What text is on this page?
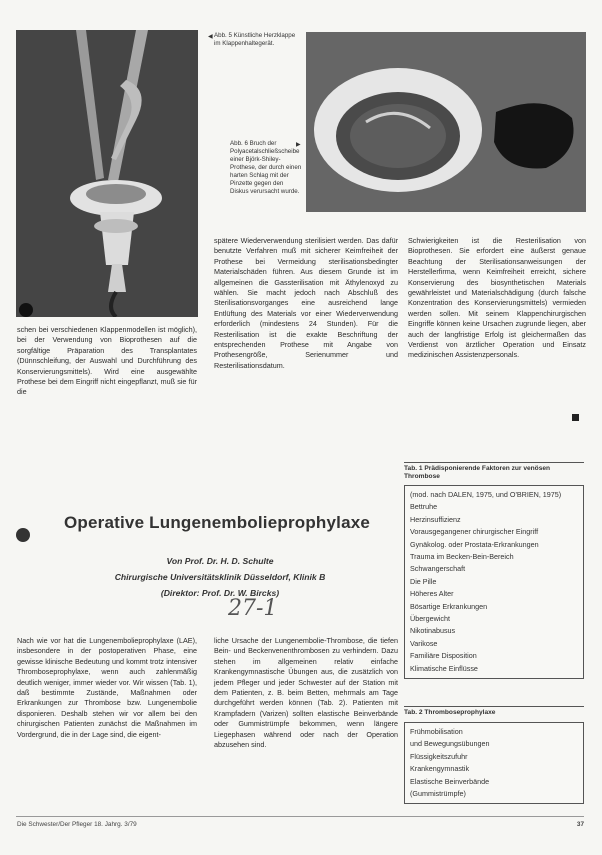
Abb. 5 Künstliche Herzklappe im Klappenhaltegerät.
◀
Abb. 6 Bruch der Polyacetalschließscheibe einer Björk-Shiley-Prothese, der durch einen harten Schlag mit der Pinzette gegen den Diskus verursacht wurde.
▶

schen bei verschiedenen Klappenmodellen ist möglich), bei der Verwendung von Bioprothesen auf die sorgfältige Präparation des Transplantates (Dünnschleifung, der Auswahl und Durchführung des Konservierungsmittels). Wird eine ausgewählte Prothese bei dem Eingriff nicht eingepflanzt, muß sie für die

spätere Wiederverwendung sterilisiert werden. Das dafür benutzte Verfahren muß mit sicherer Keimfreiheit der Prothese bei Vermeidung sterilisationsbedingter Materialschäden führen. Aus diesem Grunde ist im allgemeinen die Gassterilisation mit Äthylenoxyd zu wählen. Sie macht jedoch nach Abschluß des Sterilisationsvorganges eine ausreichend lange Entlüftung des Materials vor einer Wiederverwendung erforderlich (mindestens 24 Stunden). Für die Resterilisation ist die exakte Beschriftung der entsprechenden Prothese mit Angabe von Prothesengröße, Serienummer und Resterilisationsdatum.

Schwierigkeiten ist die Resterilisation von Bioprothesen. Sie erfordert eine äußerst genaue Beachtung der Sterilisationsanweisungen der Herstellerfirma, wenn Keimfreiheit erreicht, sichere Konservierung des biosynthetischen Materials gewährleistet und Materialschädigung (durch falsche Konzentration des Konservierungsmittels) vermieden werden sollen. Mit seinem Klappenchirurgischen Eingriffe können keine Ursachen zugrunde liegen, aber auch der langfristige Erfolg ist gleichermaßen das Verdienst von ärztlicher Operation und Einsatz medizinischen Assistenzpersonals.

Operative Lungenembolieprophylaxe
Von Prof. Dr. H. D. Schulte
Chirurgische Universitätsklinik Düsseldorf, Klinik B
(Direktor: Prof. Dr. W. Bircks)
27-1

Nach wie vor hat die Lungenembolieprophylaxe (LAE), insbesondere in der postoperativen Phase, eine gewisse klinische Bedeutung und kommt trotz intensiver Thromboseprophylaxe, wenn auch zahlenmäßig deutlich weniger, immer wieder vor. Wir wissen (Tab. 1), daß bestimmte Zustände, Maßnahmen oder Erkrankungen zur Thrombose bzw. Lungenembolie disponieren. Deshalb stehen wir vor allem bei den chirurgischen Patienten zunächst die Maßnahmen im Vordergrund, die in der Lage sind, die eigent-

liche Ursache der Lungenembolie-Thrombose, die tiefen Bein- und Beckenvenenthrombosen zu verhindern. Dazu stehen im allgemeinen relativ einfache Krankengymnastische Übungen aus, die zusätzlich von jedem Pfleger und jeder Schwester auf der Station mit dem Patienten, z. B. beim Betten, mehrmals am Tage durchgeführt werden können (Tab. 2). Patienten mit Krampfadern (Varizen) sollten elastische Beinverbände oder Gummistrümpfe bekommen, wenn längere Liegephasen während oder nach der Operation abzusehen sind.

Tab. 1 Prädisponierende Faktoren zur venösen Thrombose
(mod. nach DALEN, 1975, und O'BRIEN, 1975)
Bettruhe
Herzinsuffizienz
Vorausgegangener chirurgischer Eingriff
Gynäkolog. oder Prostata-Erkrankungen
Trauma im Becken-Bein-Bereich
Schwangerschaft
Die Pille
Höheres Alter
Bösartige Erkrankungen
Übergewicht
Nikotinabusus
Varikose
Familiäre Disposition
Klimatische Einflüsse
Tab. 2 Thromboseprophylaxe
Frühmobilisation
und Bewegungsübungen
Flüssigkeitszufuhr
Krankengymnastik
Elastische Beinverbände
(Gummistrümpfe)
Die Schwester/Der Pfleger 18. Jahrg. 3/79	37
